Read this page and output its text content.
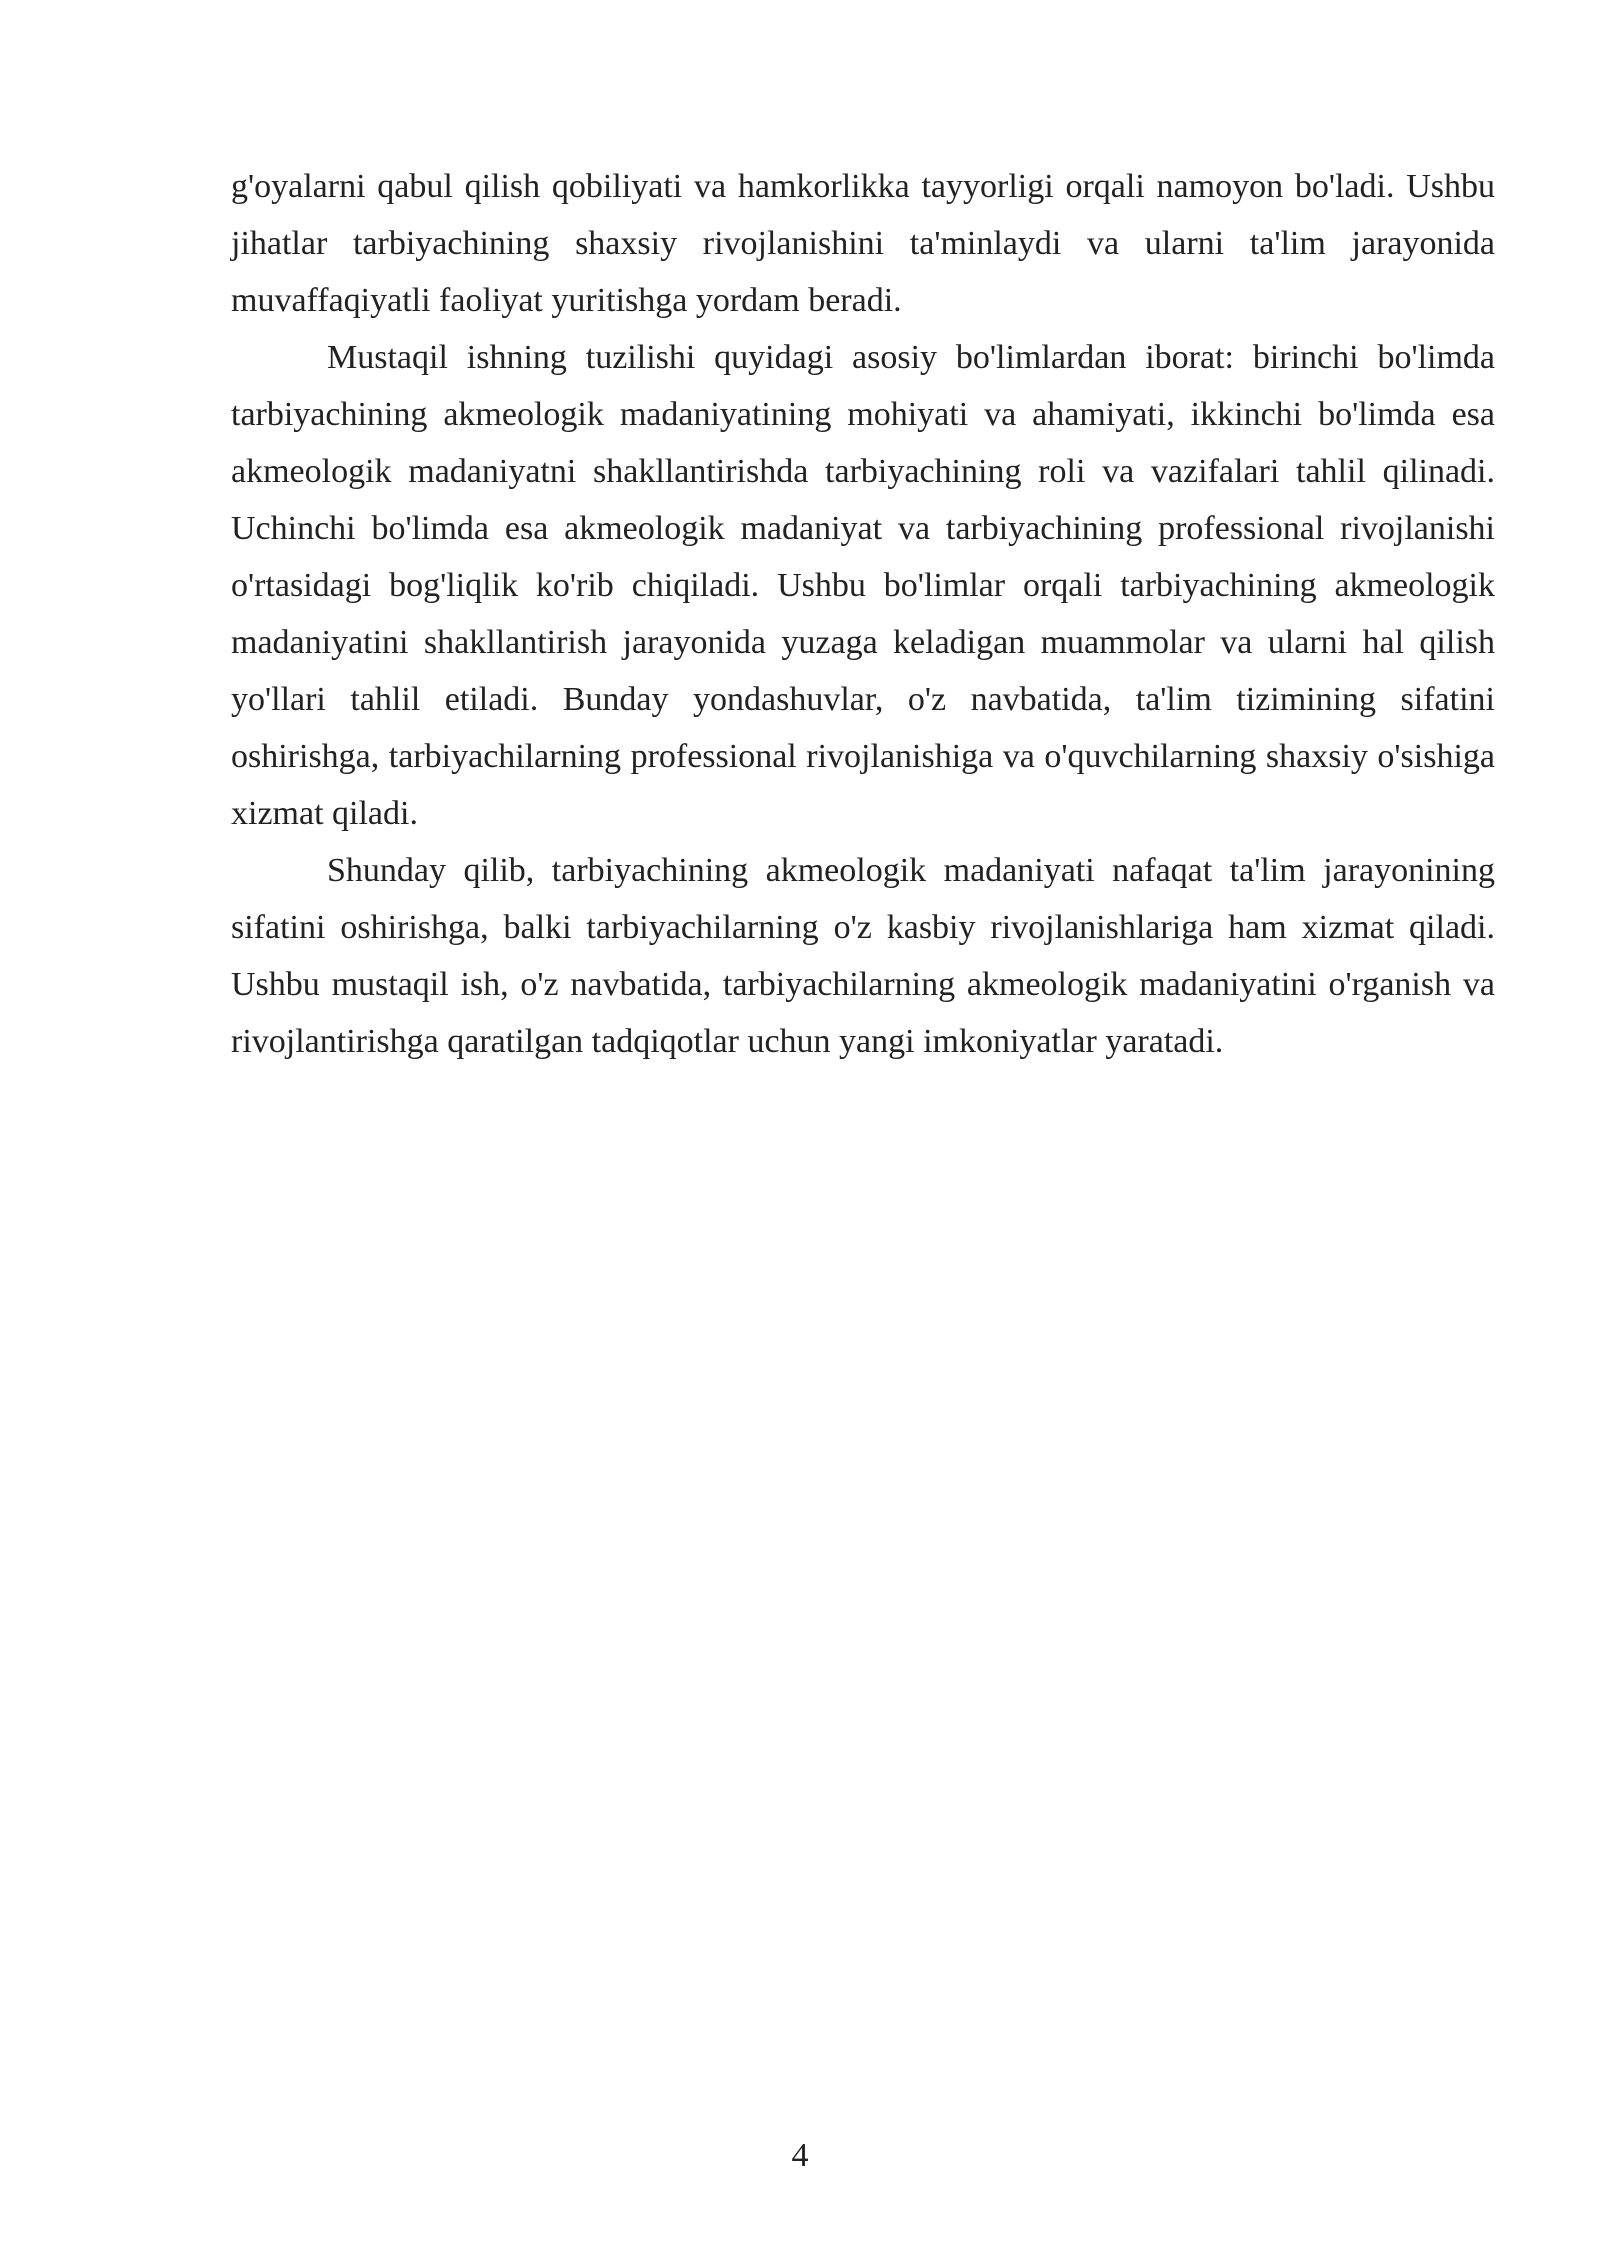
g'oyalarni qabul qilish qobiliyati va hamkorlikka tayyorligi orqali namoyon bo'ladi. Ushbu jihatlar tarbiyachining shaxsiy rivojlanishini ta'minlaydi va ularni ta'lim jarayonida muvaffaqiyatli faoliyat yuritishga yordam beradi.

Mustaqil ishning tuzilishi quyidagi asosiy bo'limlardan iborat: birinchi bo'limda tarbiyachining akmeologik madaniyatining mohiyati va ahamiyati, ikkinchi bo'limda esa akmeologik madaniyatni shakllantirishda tarbiyachining roli va vazifalari tahlil qilinadi. Uchinchi bo'limda esa akmeologik madaniyat va tarbiyachining professional rivojlanishi o'rtasidagi bog'liqlik ko'rib chiqiladi. Ushbu bo'limlar orqali tarbiyachining akmeologik madaniyatini shakllantirish jarayonida yuzaga keladigan muammolar va ularni hal qilish yo'llari tahlil etiladi. Bunday yondashuvlar, o'z navbatida, ta'lim tizimining sifatini oshirishga, tarbiyachilarning professional rivojlanishiga va o'quvchilarning shaxsiy o'sishiga xizmat qiladi.

Shunday qilib, tarbiyachining akmeologik madaniyati nafaqat ta'lim jarayonining sifatini oshirishga, balki tarbiyachilarning o'z kasbiy rivojlanishlariga ham xizmat qiladi. Ushbu mustaqil ish, o'z navbatida, tarbiyachilarning akmeologik madaniyatini o'rganish va rivojlantirishga qaratilgan tadqiqotlar uchun yangi imkoniyatlar yaratadi.

4
